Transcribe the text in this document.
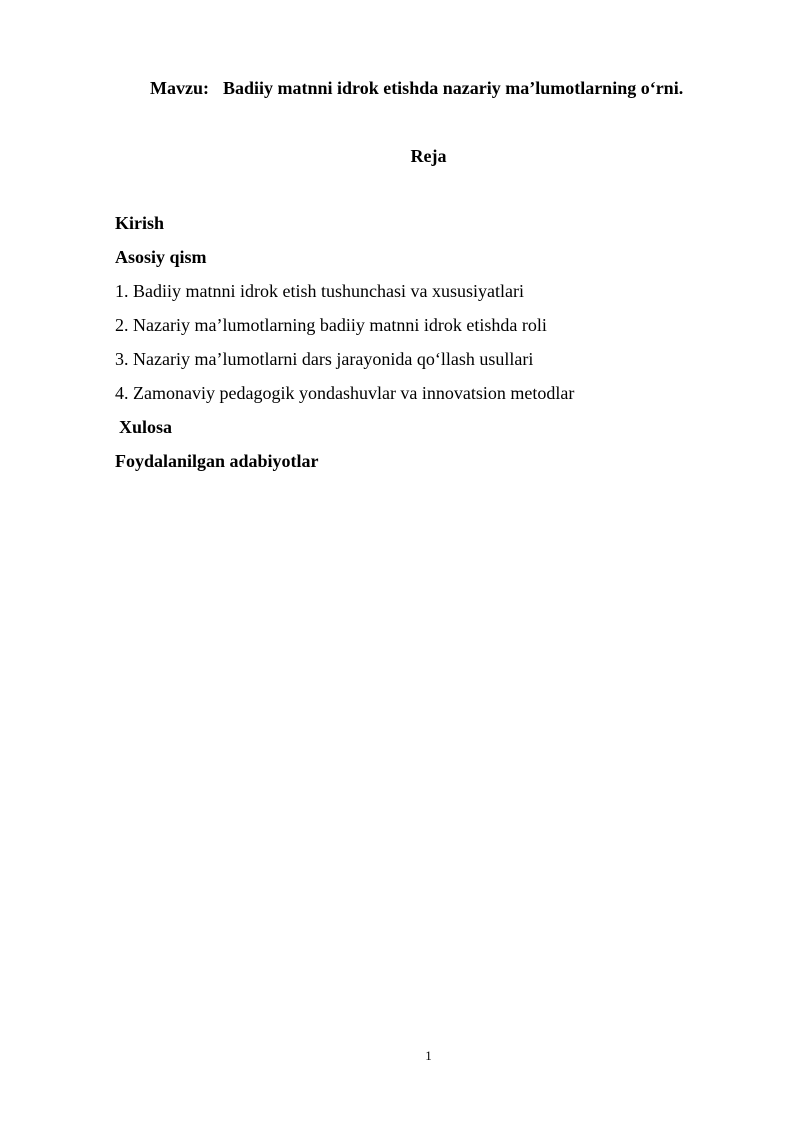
Mavzu: Badiiy matnni idrok etishda nazariy ma’lumotlarning o‘rni.
Reja
Kirish
Asosiy qism
1. Badiiy matnni idrok etish tushunchasi va xususiyatlari
2. Nazariy ma’lumotlarning badiiy matnni idrok etishda roli
3. Nazariy ma’lumotlarni dars jarayonida qo‘llash usullari
4. Zamonaviy pedagogik yondashuvlar va innovatsion metodlar
Xulosa
Foydalanilgan adabiyotlar
1
